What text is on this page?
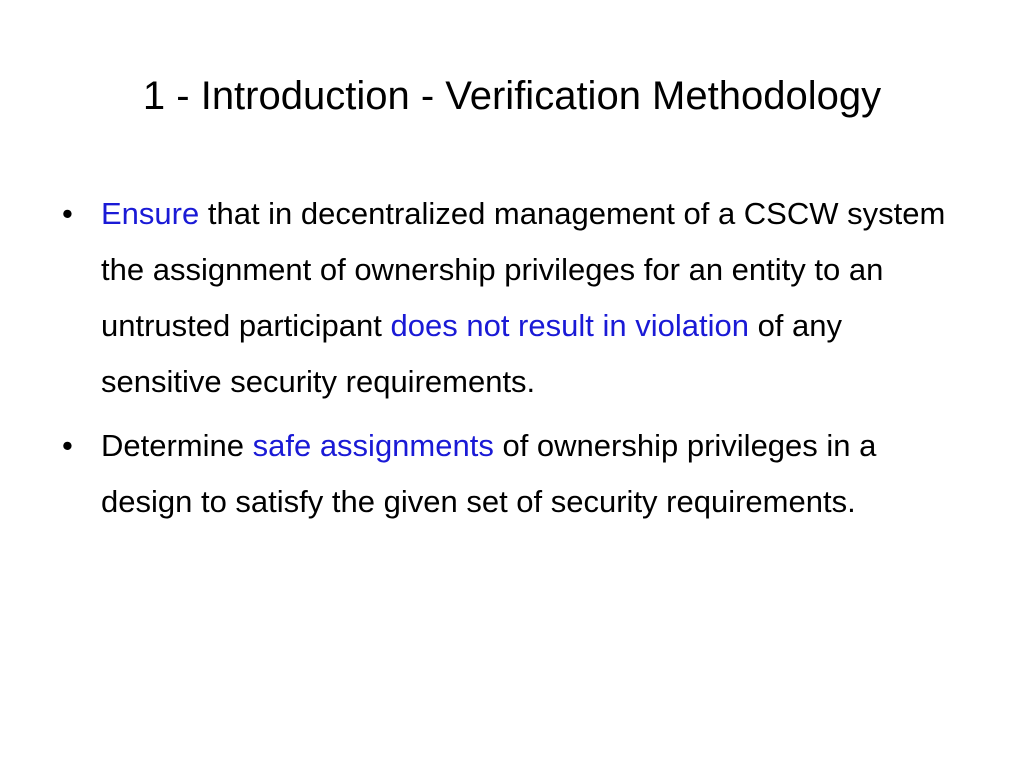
1 - Introduction - Verification Methodology
• Ensure that in decentralized management of a CSCW system the assignment of ownership privileges for an entity to an untrusted participant does not result in violation of any sensitive security requirements.
• Determine safe assignments of ownership privileges in a design to satisfy the given set of security requirements.
